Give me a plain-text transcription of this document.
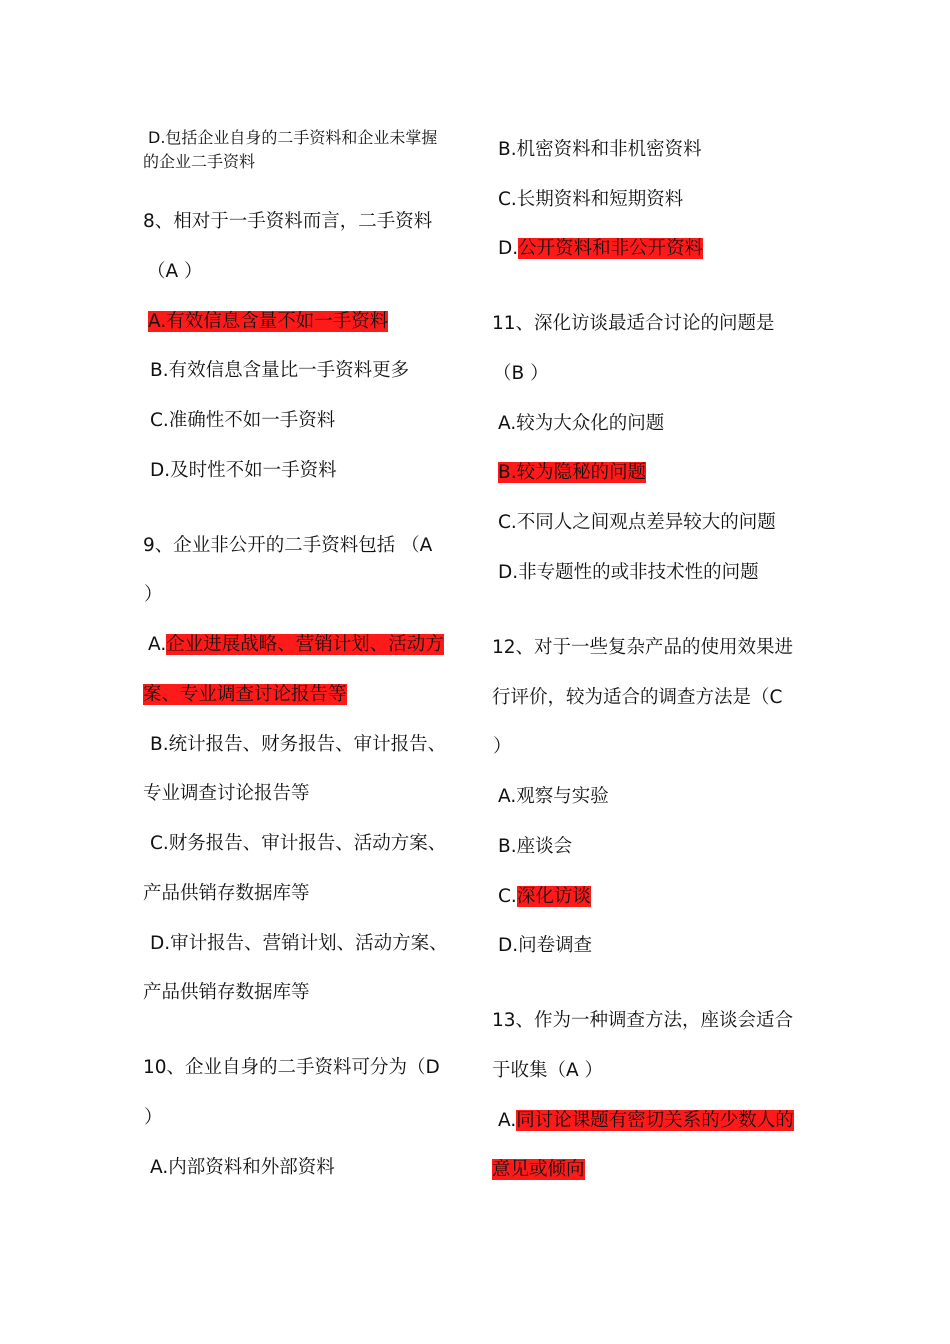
D.包括企业自身的二手资料和企业未掌握
的企业二手资料
8、相对于一手资料而言，二手资料
（A ）
A.有效信息含量不如一手资料
B.有效信息含量比一手资料更多
C.准确性不如一手资料
D.及时性不如一手资料
9、企业非公开的二手资料包括 （A
）
A.企业进展战略、营销计划、活动方
案、专业调查讨论报告等
B.统计报告、财务报告、审计报告、
专业调查讨论报告等
C.财务报告、审计报告、活动方案、
产品供销存数据库等
D.审计报告、营销计划、活动方案、
产品供销存数据库等
10、企业自身的二手资料可分为（D
）
A.内部资料和外部资料
B.机密资料和非机密资料
C.长期资料和短期资料
D.公开资料和非公开资料
11、深化访谈最适合讨论的问题是
（B ）
A.较为大众化的问题
B.较为隐秘的问题
C.不同人之间观点差异较大的问题
D.非专题性的或非技术性的问题
12、对于一些复杂产品的使用效果进
行评价，较为适合的调查方法是（C
）
A.观察与实验
B.座谈会
C.深化访谈
D.问卷调查
13、作为一种调查方法，座谈会适合
于收集（A ）
A.同讨论课题有密切关系的少数人的
意见或倾向
